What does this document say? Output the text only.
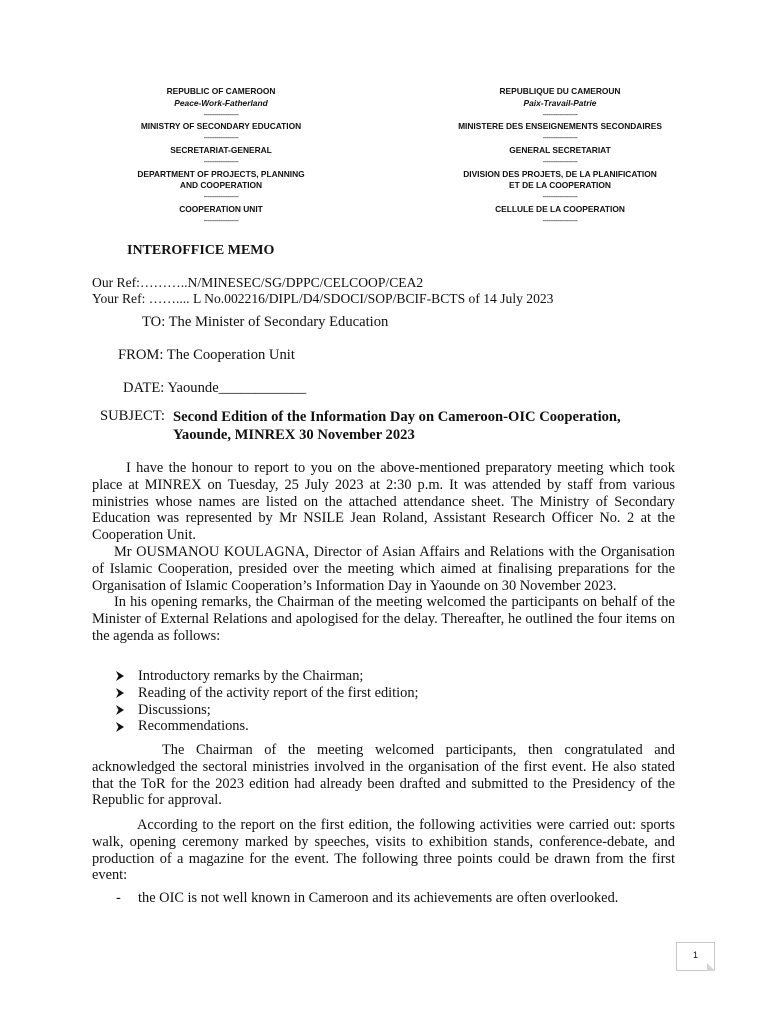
REPUBLIC OF CAMEROON
Peace-Work-Fatherland
-------------------
MINISTRY OF SECONDARY EDUCATION
-------------------
SECRETARIAT-GENERAL
-------------------
DEPARTMENT OF PROJECTS, PLANNING
AND COOPERATION
-------------------
COOPERATION UNIT
-------------------
REPUBLIQUE DU CAMEROUN
Paix-Travail-Patrie
-------------------
MINISTERE DES ENSEIGNEMENTS SECONDAIRES
-------------------
GENERAL SECRETARIAT
-------------------
DIVISION DES PROJETS, DE LA PLANIFICATION
ET DE LA COOPERATION
-------------------
CELLULE DE LA COOPERATION
-------------------
INTEROFFICE MEMO
Our Ref:………..N/MINESEC/SG/DPPC/CELCOOP/CEA2
Your Ref: …….... L No.002216/DIPL/D4/SDOCI/SOP/BCIF-BCTS of 14 July 2023
TO: The Minister of Secondary Education
FROM: The Cooperation Unit
DATE: Yaounde____________
SUBJECT: Second Edition of the Information Day on Cameroon-OIC Cooperation,
Yaounde, MINREX 30 November 2023

I have the honour to report to you on the above-mentioned preparatory meeting which took place at MINREX on Tuesday, 25 July 2023 at 2:30 p.m. It was attended by staff from various ministries whose names are listed on the attached attendance sheet. The Ministry of Secondary Education was represented by Mr NSILE Jean Roland, Assistant Research Officer No. 2 at the Cooperation Unit.

Mr OUSMANOU KOULAGNA, Director of Asian Affairs and Relations with the Organisation of Islamic Cooperation, presided over the meeting which aimed at finalising preparations for the Organisation of Islamic Cooperation’s Information Day in Yaounde on 30 November 2023.

In his opening remarks, the Chairman of the meeting welcomed the participants on behalf of the Minister of External Relations and apologised for the delay. Thereafter, he outlined the four items on the agenda as follows:

Introductory remarks by the Chairman;
Reading of the activity report of the first edition;
Discussions;
Recommendations.

The Chairman of the meeting welcomed participants, then congratulated and acknowledged the sectoral ministries involved in the organisation of the first event. He also stated that the ToR for the 2023 edition had already been drafted and submitted to the Presidency of the Republic for approval.

According to the report on the first edition, the following activities were carried out: sports walk, opening ceremony marked by speeches, visits to exhibition stands, conference-debate, and production of a magazine for the event. The following three points could be drawn from the first event:

- the OIC is not well known in Cameroon and its achievements are often overlooked.
1
